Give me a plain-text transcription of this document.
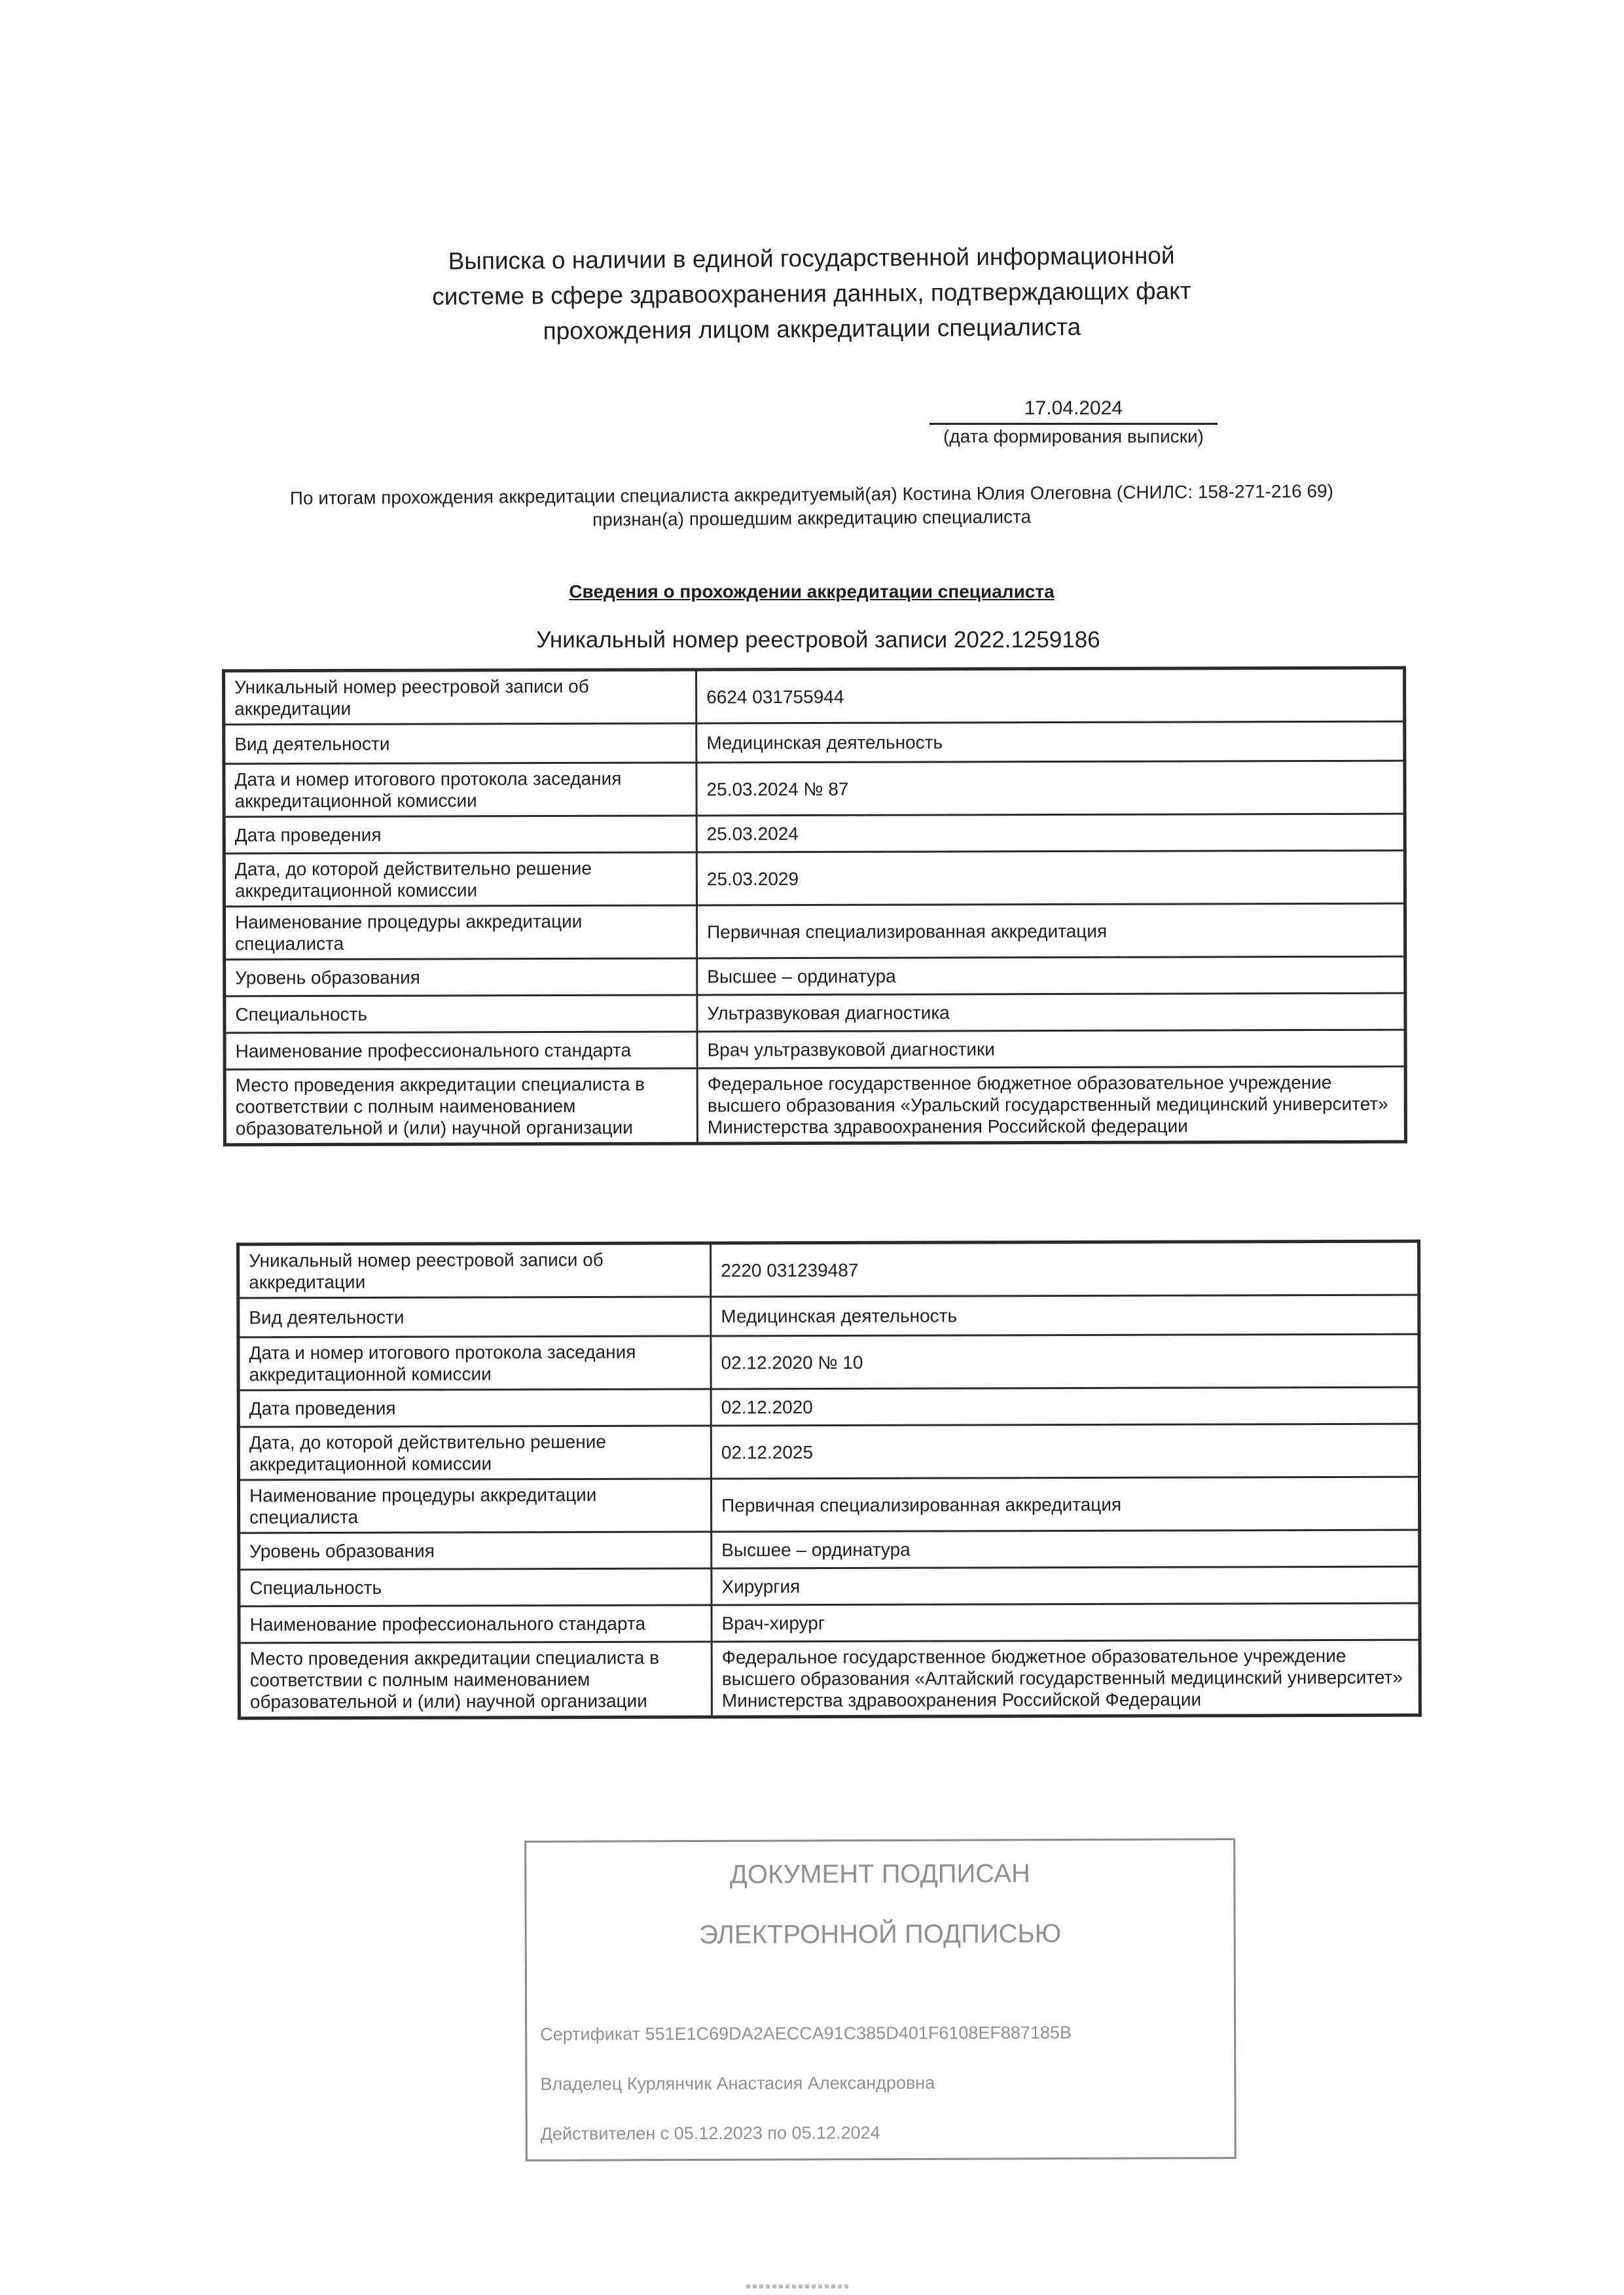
Выписка о наличии в единой государственной информационной
системе в сфере здравоохранения данных, подтверждающих факт
прохождения лицом аккредитации специалиста
17.04.2024
(дата формирования выписки)
По итогам прохождения аккредитации специалиста аккредитуемый(ая) Костина Юлия Олеговна (СНИЛС: 158-271-216 69)
признан(а) прошедшим аккредитацию специалиста
Сведения о прохождении аккредитации специалиста
Уникальный номер реестровой записи 2022.1259186
Уникальный номер реестровой записи об аккредитации	6624 031755944
Вид деятельности	Медицинская деятельность
Дата и номер итогового протокола заседания аккредитационной комиссии	25.03.2024 № 87
Дата проведения	25.03.2024
Дата, до которой действительно решение аккредитационной комиссии	25.03.2029
Наименование процедуры аккредитации специалиста	Первичная специализированная аккредитация
Уровень образования	Высшее – ординатура
Специальность	Ультразвуковая диагностика
Наименование профессионального стандарта	Врач ультразвуковой диагностики
Место проведения аккредитации специалиста в соответствии с полным наименованием образовательной и (или) научной организации	Федеральное государственное бюджетное образовательное учреждение высшего образования «Уральский государственный медицинский университет» Министерства здравоохранения Российской федерации
Уникальный номер реестровой записи об аккредитации	2220 031239487
Вид деятельности	Медицинская деятельность
Дата и номер итогового протокола заседания аккредитационной комиссии	02.12.2020 № 10
Дата проведения	02.12.2020
Дата, до которой действительно решение аккредитационной комиссии	02.12.2025
Наименование процедуры аккредитации специалиста	Первичная специализированная аккредитация
Уровень образования	Высшее – ординатура
Специальность	Хирургия
Наименование профессионального стандарта	Врач-хирург
Место проведения аккредитации специалиста в соответствии с полным наименованием образовательной и (или) научной организации	Федеральное государственное бюджетное образовательное учреждение высшего образования «Алтайский государственный медицинский университет» Министерства здравоохранения Российской Федерации
ДОКУМЕНТ ПОДПИСАН
ЭЛЕКТРОННОЙ ПОДПИСЬЮ
Сертификат 551E1C69DA2AECCA91C385D401F6108EF887185B
Владелец Курлянчик Анастасия Александровна
Действителен с 05.12.2023 по 05.12.2024
